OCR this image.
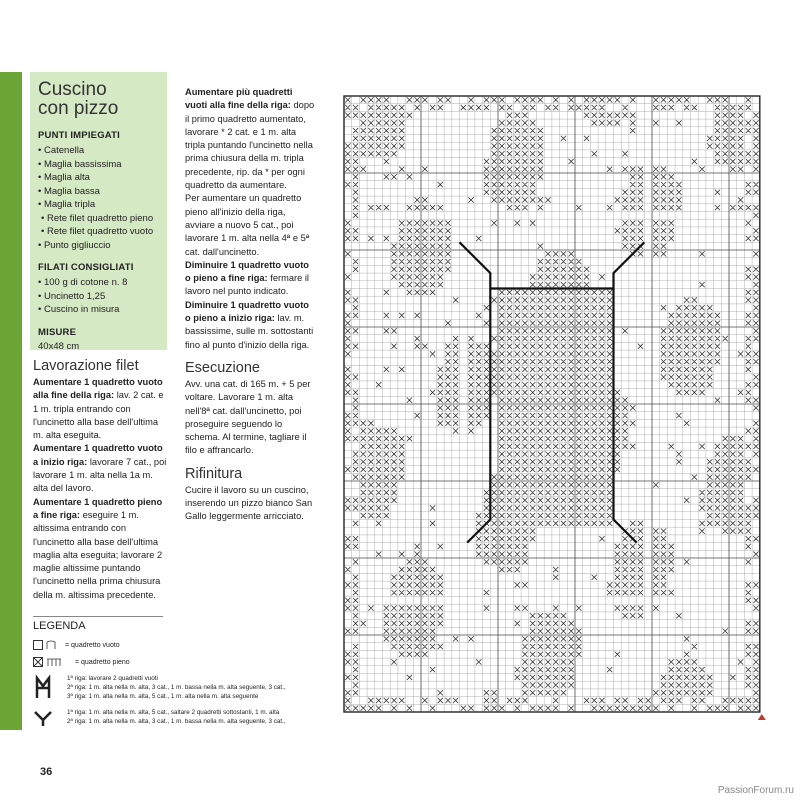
Cuscino
con pizzo
PUNTI IMPIEGATI
• Catenella
• Maglia bassissima
• Maglia alta
• Maglia bassa
• Maglia tripla
• Rete filet quadretto pieno
• Rete filet quadretto vuoto
• Punto gigliuccio
FILATI CONSIGLIATI
• 100 g di cotone n. 8
• Uncinetto 1,25
• Cuscino in misura
MISURE
40x48 cm
Lavorazione filet

Aumentare 1 quadretto vuoto alla fine della riga: lav. 2 cat. e 1 m. tripla entrando con l'uncinetto alla base dell'ultima m. alta eseguita.

Aumentare 1 quadretto vuoto a inizio riga: lavorare 7 cat., poi lavorare 1 m. alta nella 1a m. alta del lavoro.

Aumentare 1 quadretto pieno a fine riga: eseguire 1 m. altissima entrando con l'uncinetto alla base dell'ultima maglia alta eseguita; lavorare 2 maglie altissime puntando l'uncinetto nella prima chiusura della m. altissima precedente.

Aumentare più quadretti vuoti alla fine della riga: dopo il primo quadretto aumentato, lavorare * 2 cat. e 1 m. alta tripla puntando l'uncinetto nella prima chiusura della m. tripla precedente, rip. da * per ogni quadretto da aumentare.

Per aumentare un quadretto pieno all'inizio della riga, avviare a nuovo 5 cat., poi lavorare 1 m. alta nella 4ª e 5ª cat. dall'uncinetto.

Diminuire 1 quadretto vuoto o pieno a fine riga: fermare il lavoro nel punto indicato.

Diminuire 1 quadretto vuoto o pieno a inizio riga: lav. m. bassissime, sulle m. sottostanti fino al punto d'inizio della riga.

Esecuzione

Avv. una cat. di 165 m. + 5 per voltare. Lavorare 1 m. alta nell'8ª cat. dall'uncinetto, poi proseguire seguendo lo schema. Al termine, tagliare il filo e affrancarlo.

Rifinitura

Cucire il lavoro su un cuscino, inserendo un pizzo bianco San Gallo leggermente arricciato.

LEGENDA
= quadretto vuoto
= quadretto pieno
1ª riga: lavorare 2 quadretti vuoti
2ª riga: 1 m. alta nella m. alta, 3 cat., 1 m. bassa nella m. alta seguente, 3 cat.,
3ª riga: 1 m. alta nella m. alta, 5 cat., 1 m. alta nella m. alta seguente
1ª riga: 1 m. alta nella m. alta, 5 cat., saltare 2 quadretti sottostanti, 1 m. alta
2ª riga: 1 m. alta nella m. alta, 3 cat., 1 m. bassa nella m. alta seguente, 3 cat.,
36
PassionForum.ru
